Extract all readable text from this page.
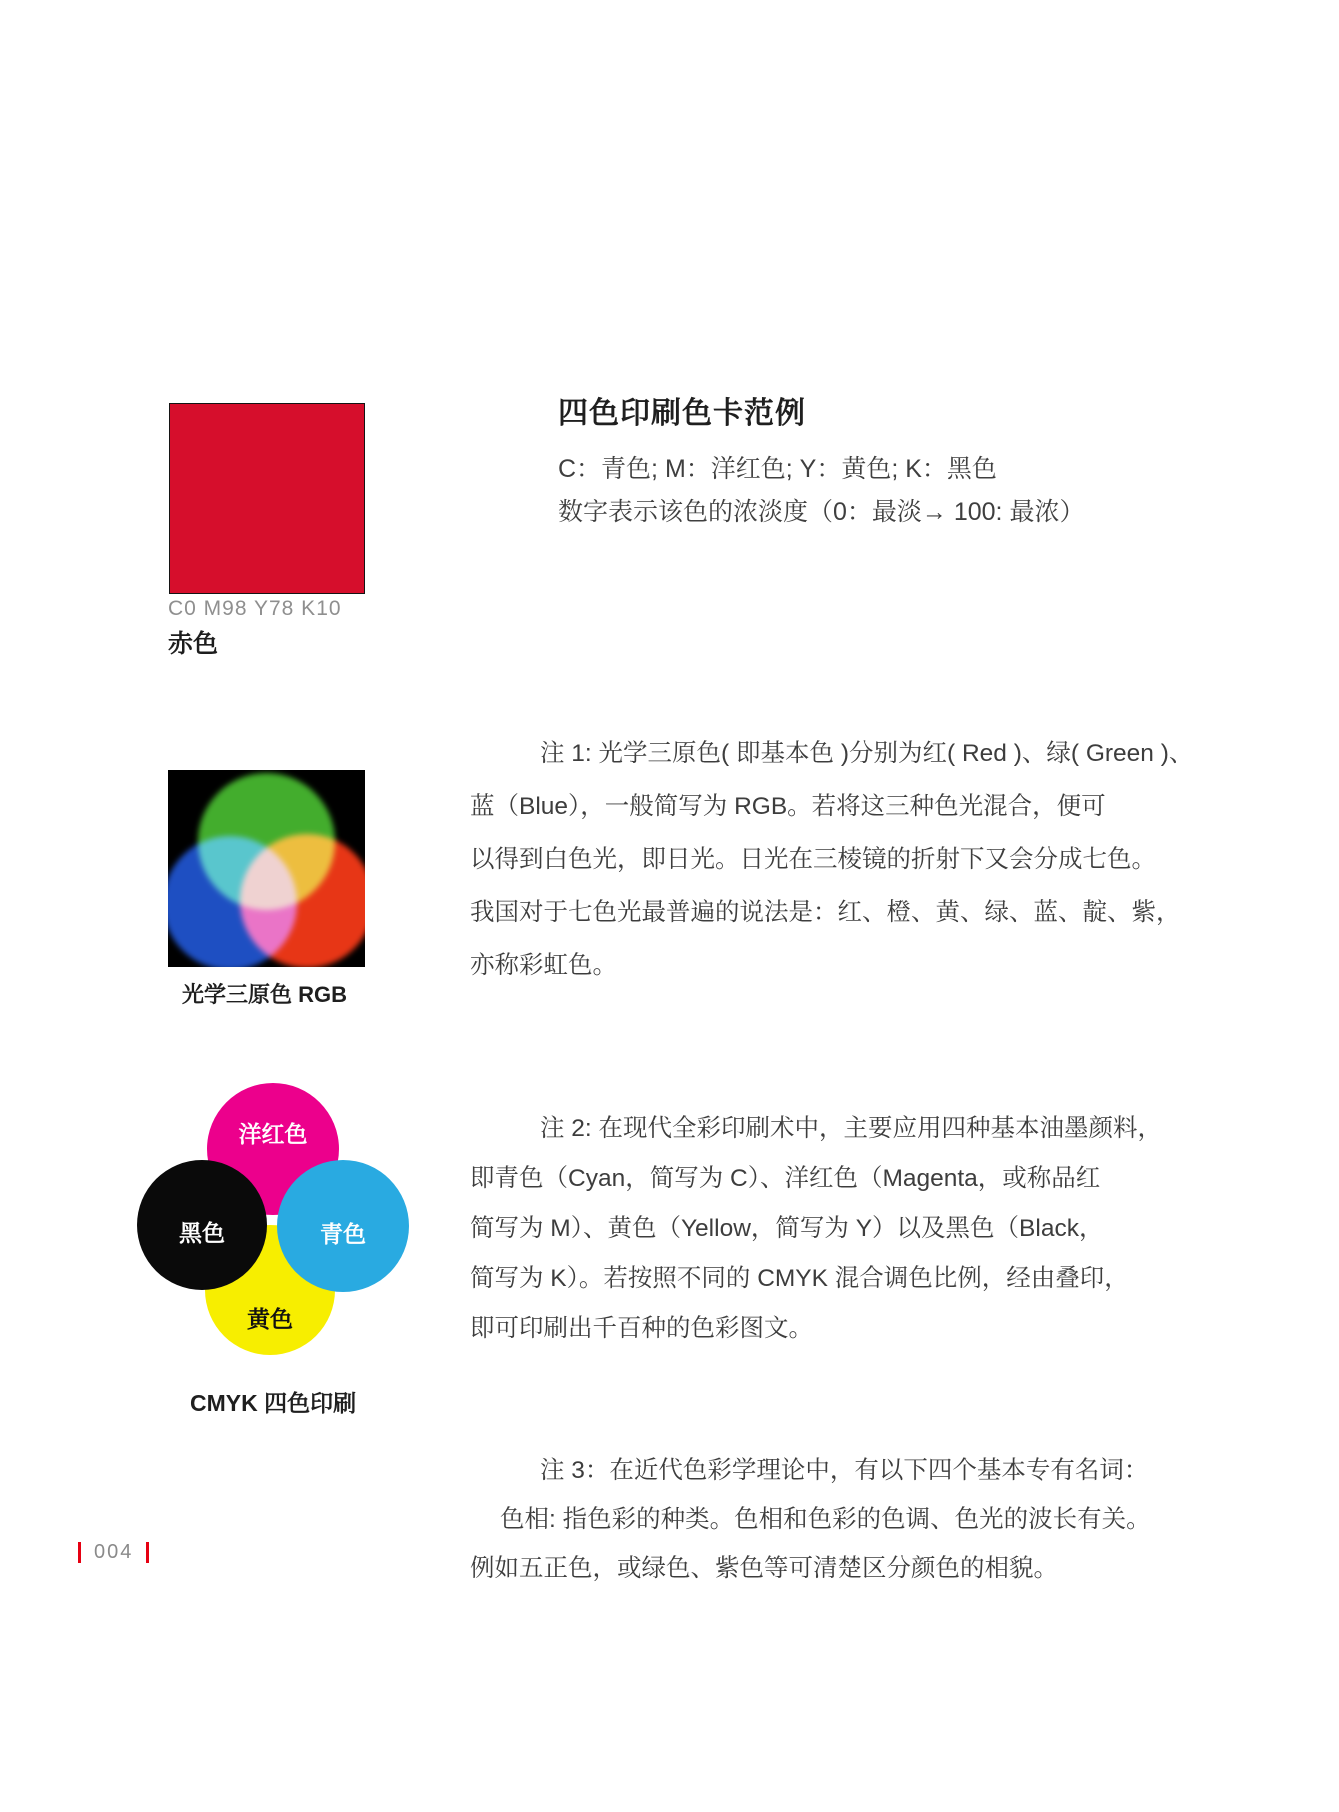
C0 M98 Y78 K10
赤色
四色印刷色卡范例
C：青色; M：洋红色; Y：黄色; K：黑色
数字表示该色的浓淡度（0：最淡→ 100: 最浓）
光学三原色 RGB
注 1: 光学三原色( 即基本色 )分别为红( Red )、绿( Green )、
蓝（Blue），一般简写为 RGB。若将这三种色光混合，便可
以得到白色光，即日光。日光在三棱镜的折射下又会分成七色。
我国对于七色光最普遍的说法是：红、橙、黄、绿、蓝、靛、紫，
亦称彩虹色。
洋红色
黄色
黑色	青色
CMYK 四色印刷
注 2: 在现代全彩印刷术中，主要应用四种基本油墨颜料，
即青色（Cyan，简写为 C）、洋红色（Magenta，或称品红
简写为 M）、黄色（Yellow，简写为 Y）以及黑色（Black，
简写为 K）。若按照不同的 CMYK 混合调色比例，经由叠印，
即可印刷出千百种的色彩图文。
注 3：在近代色彩学理论中，有以下四个基本专有名词：
色相: 指色彩的种类。色相和色彩的色调、色光的波长有关。
例如五正色，或绿色、紫色等可清楚区分颜色的相貌。
004
